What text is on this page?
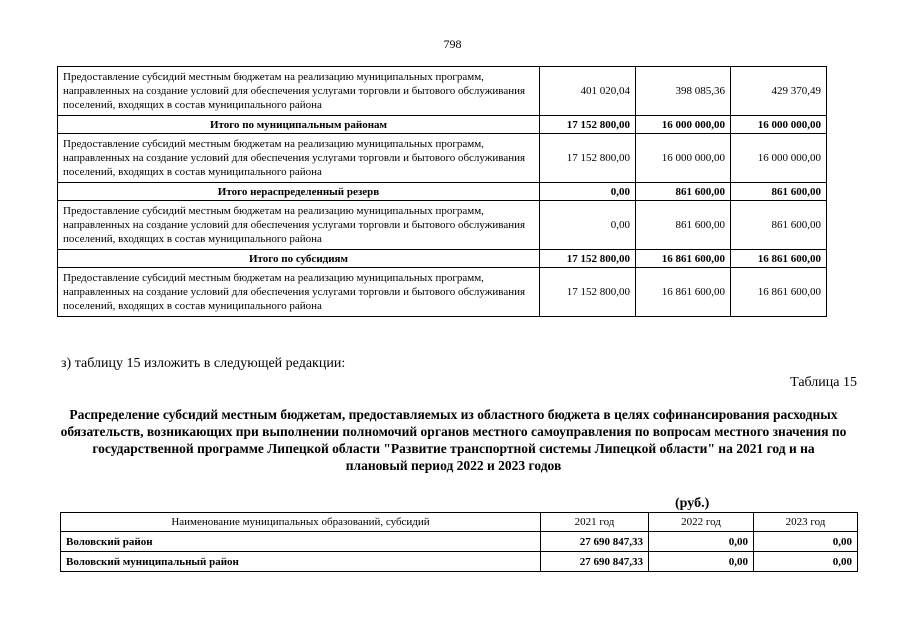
798
Предоставление субсидий местным бюджетам на реализацию муниципальных программ, направленных на создание условий для обеспечения услугами торговли и бытового обслуживания поселений, входящих в состав муниципального района	401 020,04	398 085,36	429 370,49
Итого по муниципальным районам	17 152 800,00	16 000 000,00	16 000 000,00
Предоставление субсидий местным бюджетам на реализацию муниципальных программ, направленных на создание условий для обеспечения услугами торговли и бытового обслуживания поселений, входящих в состав муниципального района	17 152 800,00	16 000 000,00	16 000 000,00
Итого нераспределенный резерв	0,00	861 600,00	861 600,00
Предоставление субсидий местным бюджетам на реализацию муниципальных программ, направленных на создание условий для обеспечения услугами торговли и бытового обслуживания поселений, входящих в состав муниципального района	0,00	861 600,00	861 600,00
Итого по субсидиям	17 152 800,00	16 861 600,00	16 861 600,00
Предоставление субсидий местным бюджетам на реализацию муниципальных программ, направленных на создание условий для обеспечения услугами торговли и бытового обслуживания поселений, входящих в состав муниципального района	17 152 800,00	16 861 600,00	16 861 600,00
з) таблицу 15 изложить в следующей редакции:
Таблица 15
Распределение субсидий местным бюджетам, предоставляемых из областного бюджета в целях софинансирования расходных обязательств, возникающих при выполнении полномочий органов местного самоуправления по вопросам местного значения по государственной программе Липецкой области "Развитие транспортной системы Липецкой области" на 2021 год и на плановый период 2022 и 2023 годов
(руб.)
Наименование муниципальных образований, субсидий	2021 год	2022 год	2023 год
Воловский район	27 690 847,33	0,00	0,00
Воловский муниципальный район	27 690 847,33	0,00	0,00
